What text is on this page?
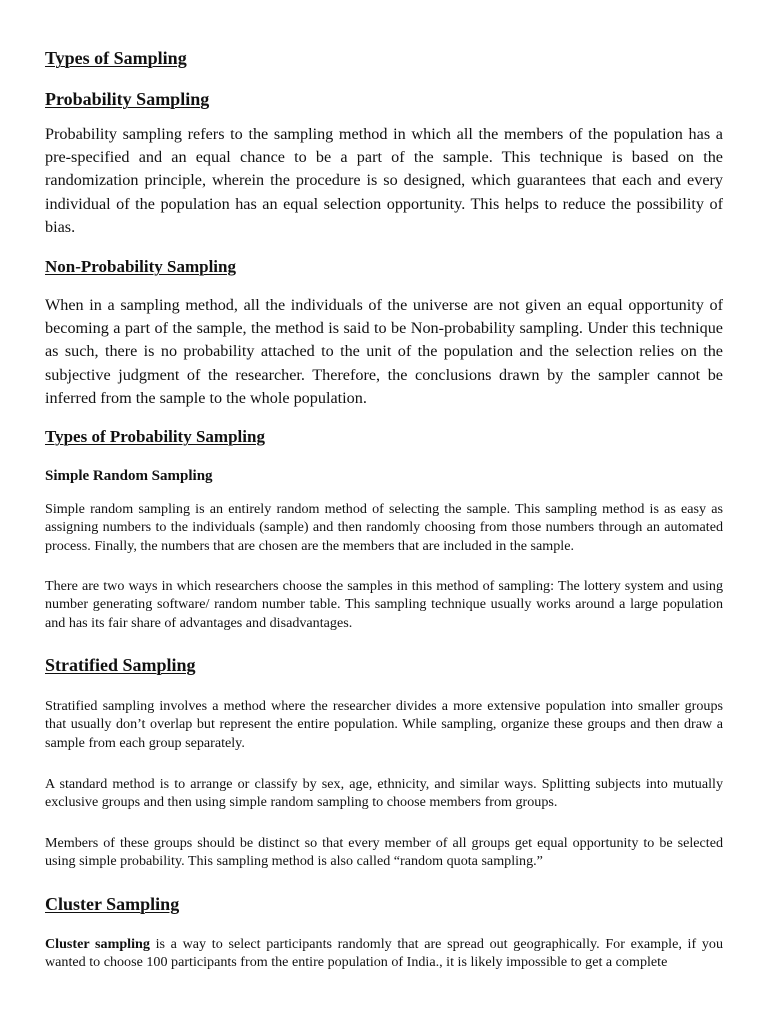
Types of Sampling
Probability Sampling

Probability sampling refers to the sampling method in which all the members of the population has a pre-specified and an equal chance to be a part of the sample. This technique is based on the randomization principle, wherein the procedure is so designed, which guarantees that each and every individual of the population has an equal selection opportunity. This helps to reduce the possibility of bias.

Non-Probability Sampling

When in a sampling method, all the individuals of the universe are not given an equal opportunity of becoming a part of the sample, the method is said to be Non-probability sampling. Under this technique as such, there is no probability attached to the unit of the population and the selection relies on the subjective judgment of the researcher. Therefore, the conclusions drawn by the sampler cannot be inferred from the sample to the whole population.

Types of Probability Sampling
Simple Random Sampling

Simple random sampling is an entirely random method of selecting the sample. This sampling method is as easy as assigning numbers to the individuals (sample) and then randomly choosing from those numbers through an automated process. Finally, the numbers that are chosen are the members that are included in the sample.

There are two ways in which researchers choose the samples in this method of sampling: The lottery system and using number generating software/ random number table. This sampling technique usually works around a large population and has its fair share of advantages and disadvantages.

Stratified Sampling

Stratified sampling involves a method where the researcher divides a more extensive population into smaller groups that usually don’t overlap but represent the entire population. While sampling, organize these groups and then draw a sample from each group separately.

A standard method is to arrange or classify by sex, age, ethnicity, and similar ways. Splitting subjects into mutually exclusive groups and then using simple random sampling to choose members from groups.

Members of these groups should be distinct so that every member of all groups get equal opportunity to be selected using simple probability. This sampling method is also called “random quota sampling.”

Cluster Sampling

Cluster sampling is a way to select participants randomly that are spread out geographically. For example, if you wanted to choose 100 participants from the entire population of India., it is likely impossible to get a complete
